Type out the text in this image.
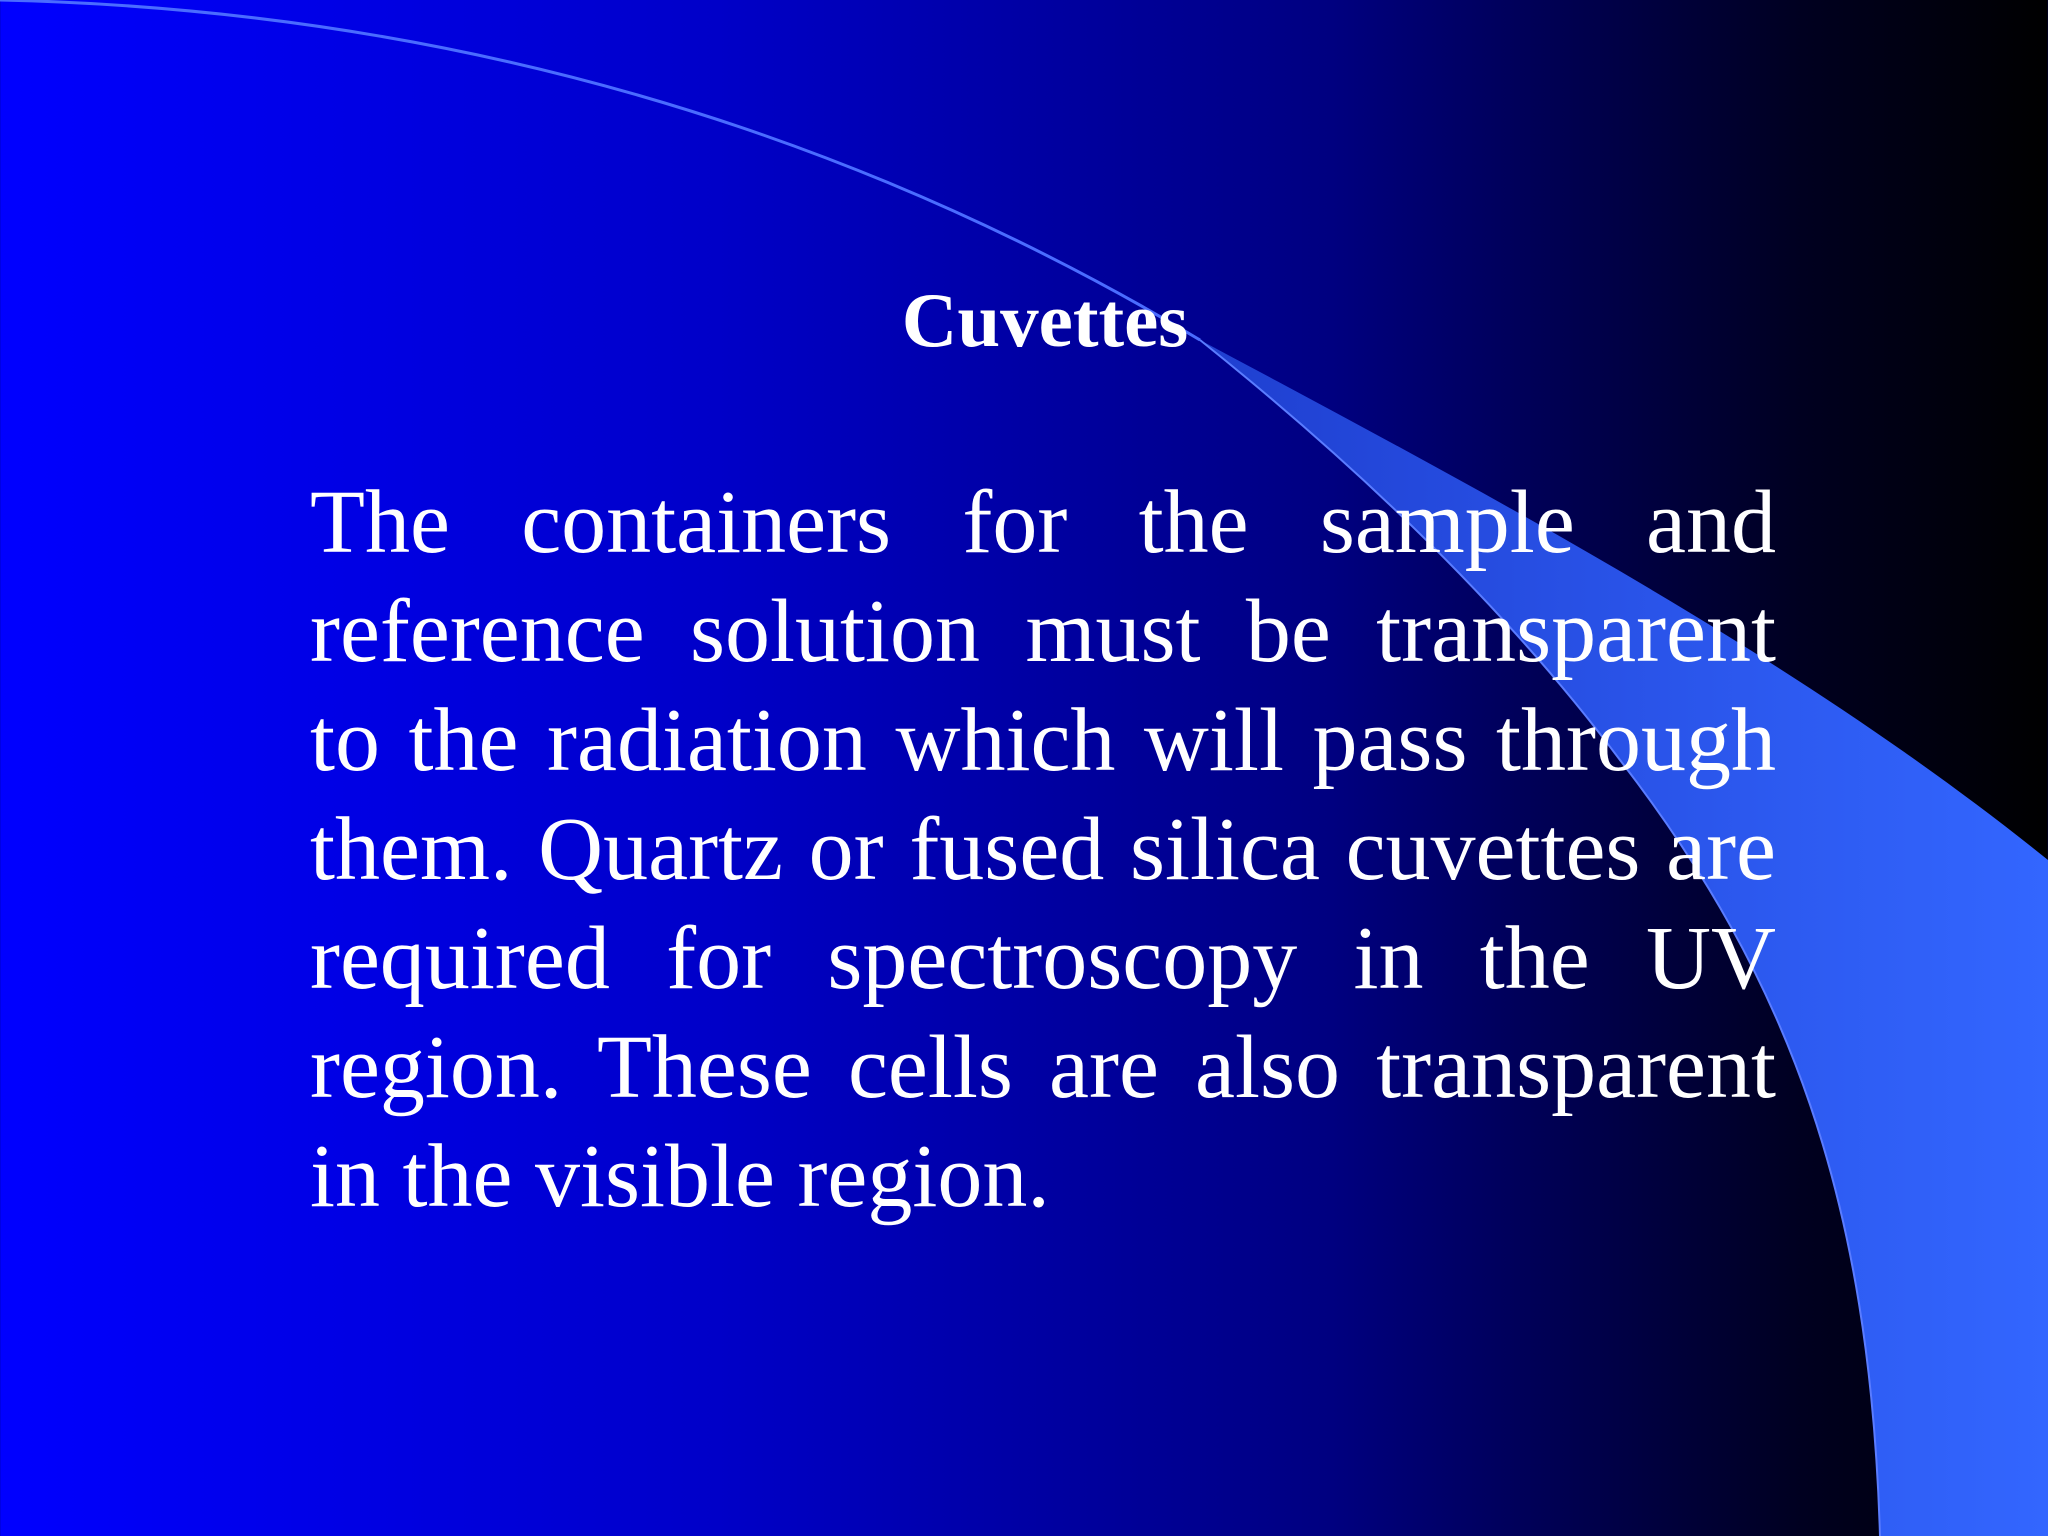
Cuvettes

The containers for the sample and reference solution must be transparent to the radiation which will pass through them. Quartz or fused silica cuvettes are required for spectroscopy in the UV region. These cells are also transparent in the visible region.
